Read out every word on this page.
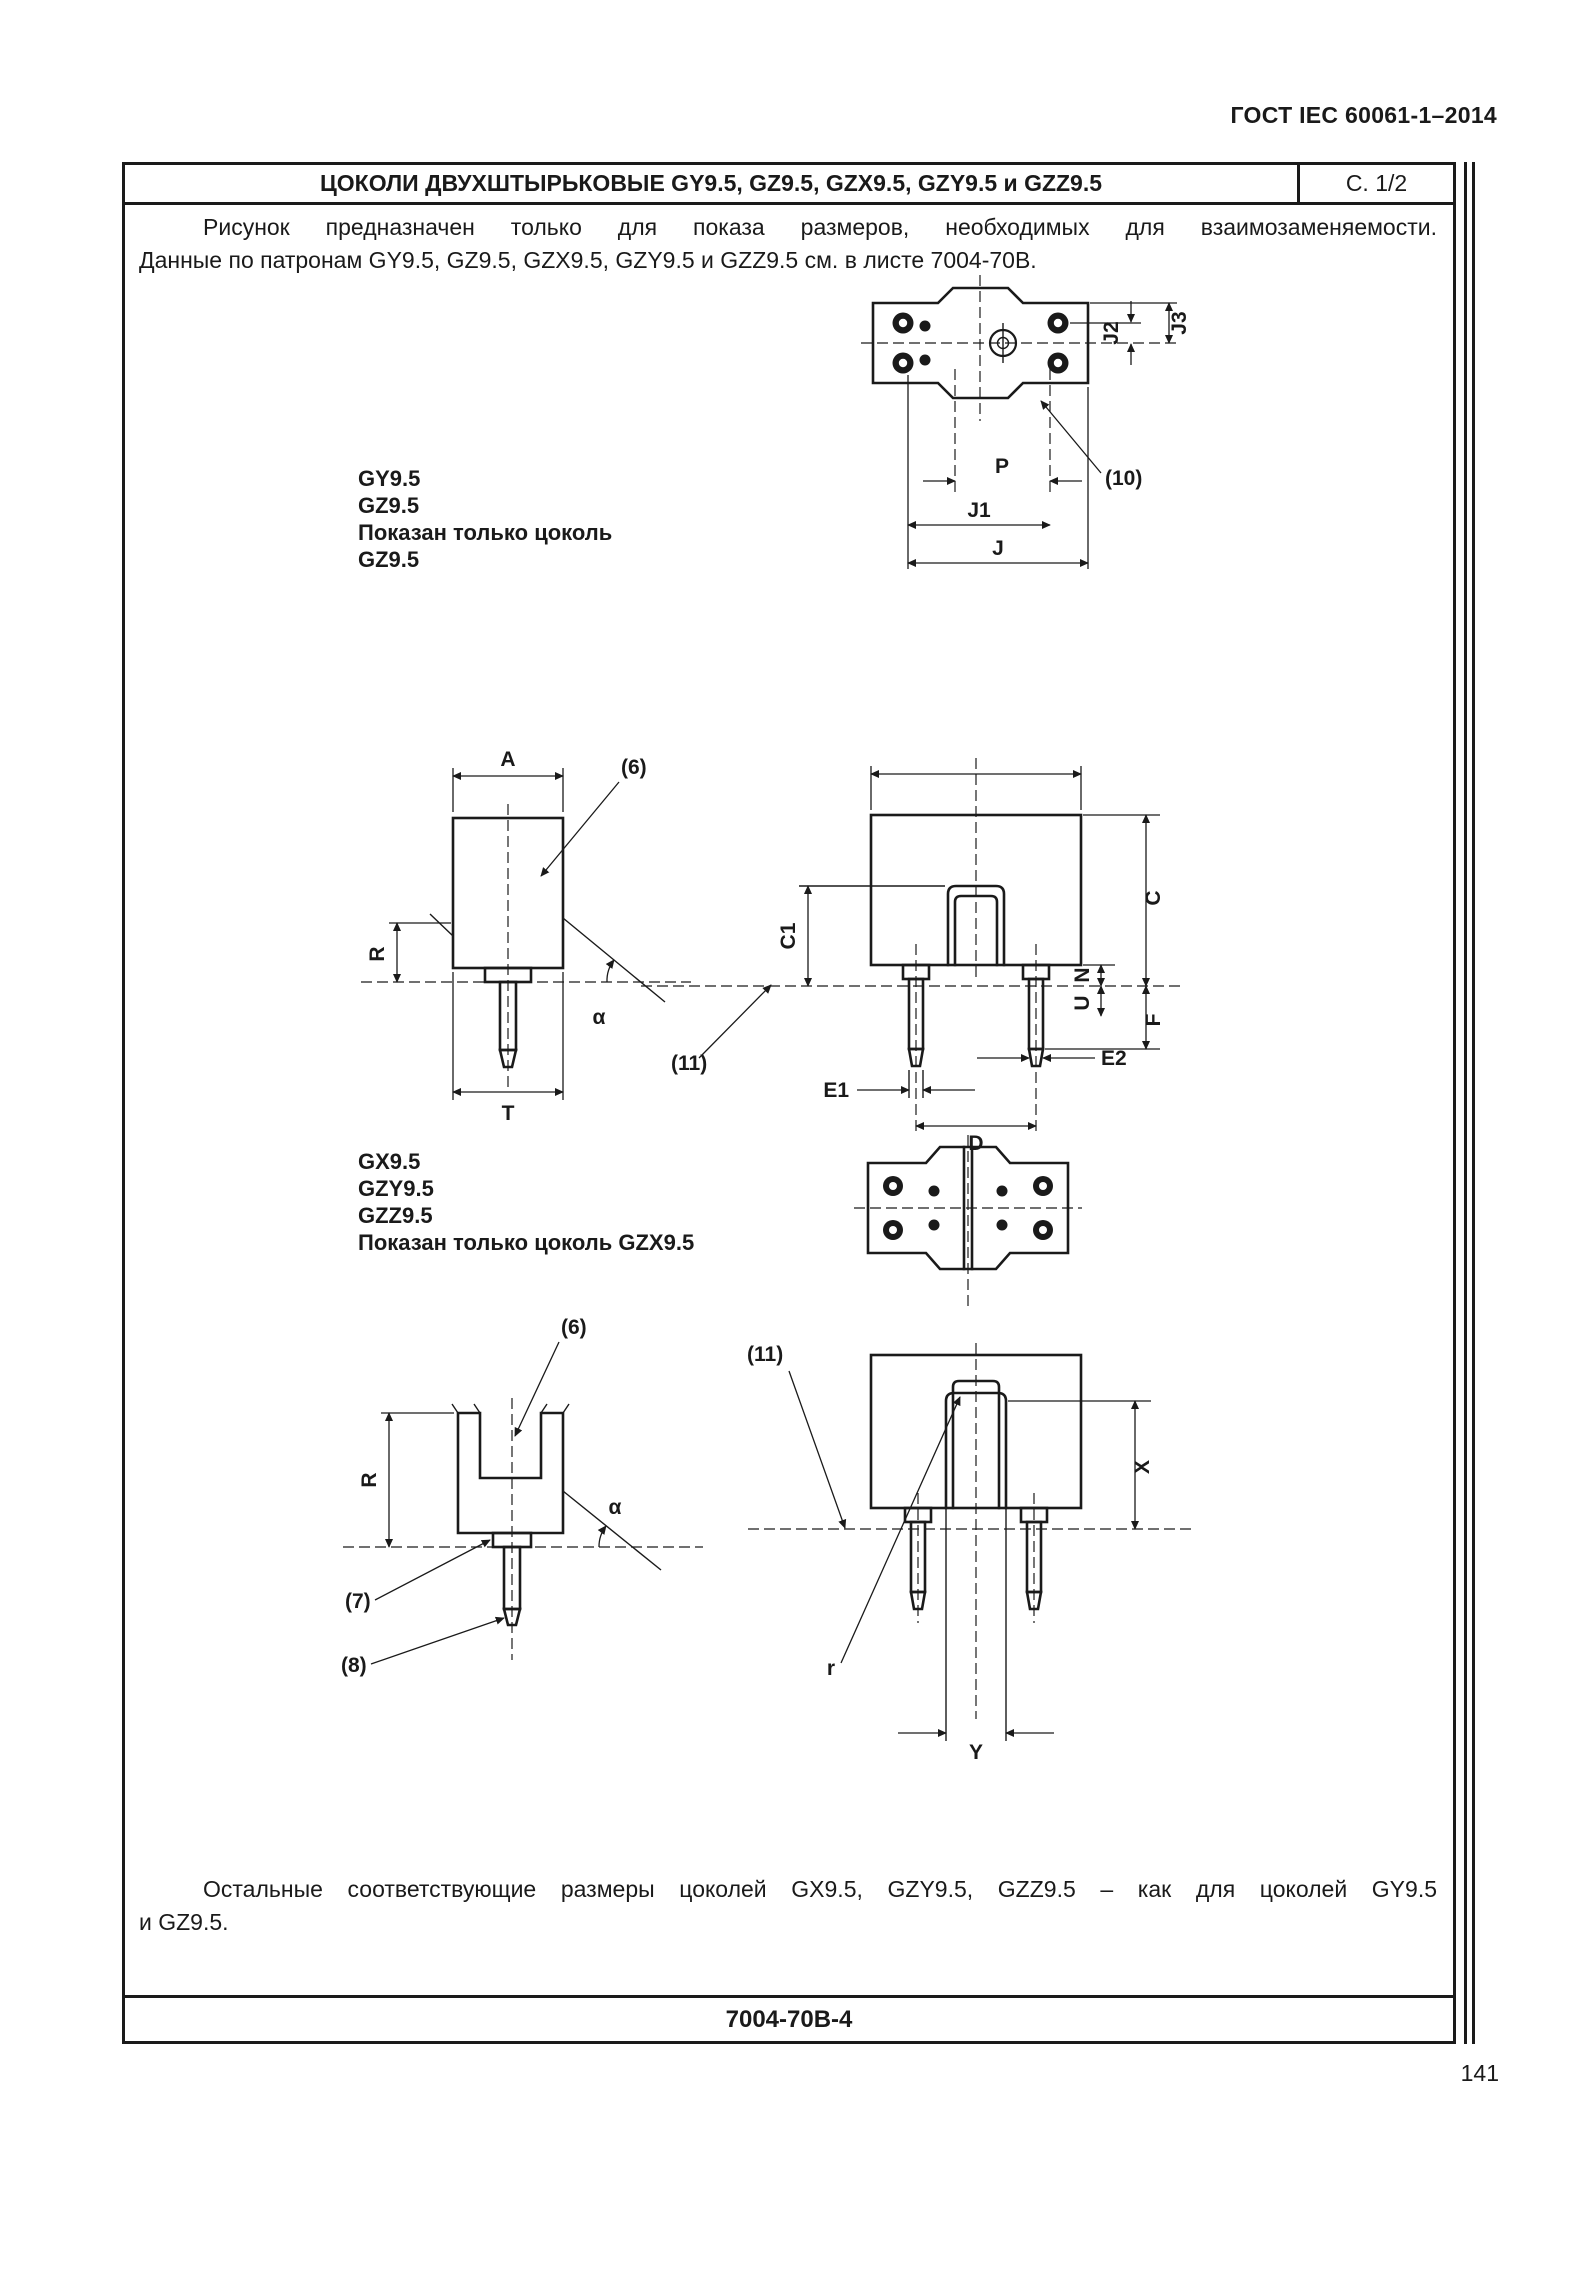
ГОСТ IEC 60061-1–2014
ЦОКОЛИ ДВУХШТЫРЬКОВЫЕ GY9.5, GZ9.5, GZX9.5, GZY9.5 и GZZ9.5	С. 1/2
Рисунок предназначен только для показа размеров, необходимых для взаимозаменяемости.
Данные по патронам GY9.5, GZ9.5, GZX9.5, GZY9.5 и GZZ9.5 см. в листе 7004-70В.
P
J1
J
(10)
J2 J3
GY9.5
GZ9.5
Показан только цоколь
GZ9.5
A	(6)
R
α
T
C1
(11)
N
C
U
F
E1
E2
D
GX9.5
GZY9.5
GZZ9.5
Показан только цоколь GZX9.5
(6)
R
α
(7)
(8)
(11)
X
r
Y
Остальные соответствующие размеры цоколей GX9.5, GZY9.5, GZZ9.5 – как для цоколей GY9.5
и GZ9.5.
7004-70В-4
141
